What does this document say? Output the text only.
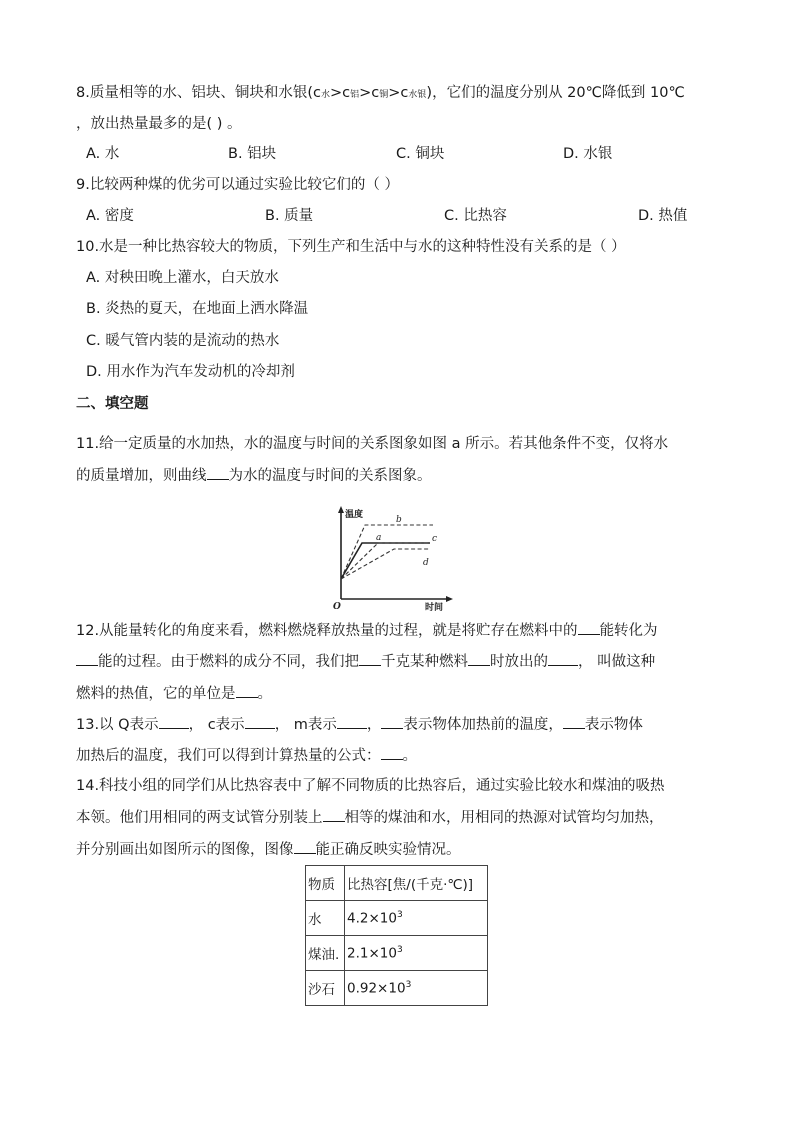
8.质量相等的水、铝块、铜块和水银(c水>c铝>c铜>c水银)，它们的温度分别从 20℃降低到 10℃
，放出热量最多的是( ) 。
A. 水	B. 铝块	C. 铜块	D. 水银
9.比较两种煤的优劣可以通过实验比较它们的（ ）
A. 密度	B. 质量	C. 比热容	D. 热值
10.水是一种比热容较大的物质，下列生产和生活中与水的这种特性没有关系的是（ ）
A. 对秧田晚上灌水，白天放水
B. 炎热的夏天，在地面上洒水降温
C. 暖气管内装的是流动的热水
D. 用水作为汽车发动机的冷却剂
二、填空题
11.给一定质量的水加热，水的温度与时间的关系图象如图 a 所示。若其他条件不变，仅将水
的质量增加，则曲线 为水的温度与时间的关系图象。
温度
时间
O
b
a	c
d
12.从能量转化的角度来看，燃料燃烧释放热量的过程，就是将贮存在燃料中的 能转化为
能的过程。由于燃料的成分不同，我们把 千克某种燃料 时放出的 ， 叫做这种
燃料的热值，它的单位是 。
13.以 Q表示 ， c表示 ， m表示 ， 表示物体加热前的温度， 表示物体
加热后的温度，我们可以得到计算热量的公式： 。
14.科技小组的同学们从比热容表中了解不同物质的比热容后，通过实验比较水和煤油的吸热
本领。他们用相同的两支试管分别装上 相等的煤油和水，用相同的热源对试管均匀加热，
并分别画出如图所示的图像，图像 能正确反映实验情况。
物质	比热容[焦/(千克·℃)]
水	$4.2\times 10^3$
煤油.	$2.1\times 10^3$
沙石	$0.92\times 10^3$
